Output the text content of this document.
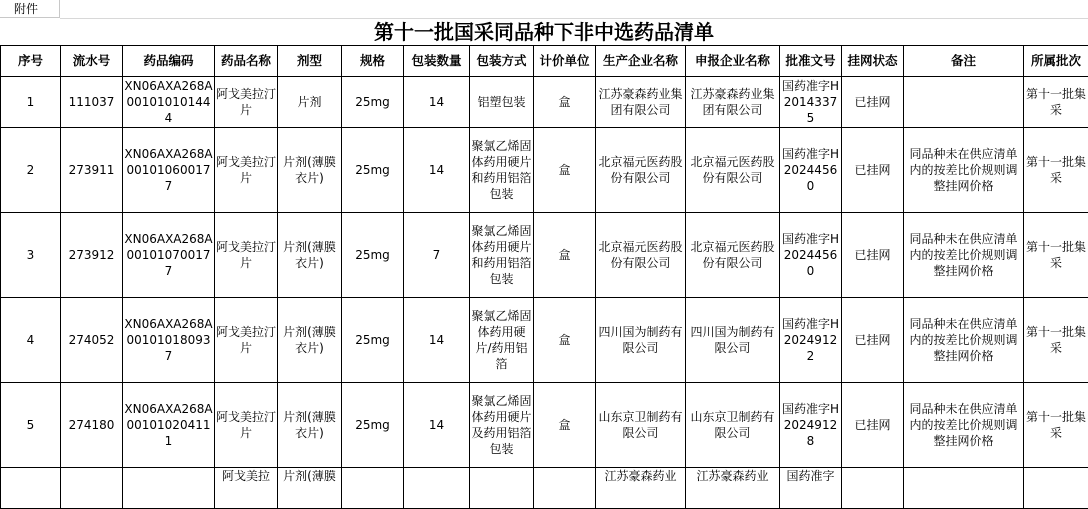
附件
第十一批国采同品种下非中选药品清单
序号	流水号	药品编码	药品名称	剂型	规格	包装数量	包装方式	计价单位	生产企业名称	申报企业名称	批准文号	挂网状态	备注	所属批次
1	111037	XN06AXA268A001010101444	阿戈美拉汀片	片剂	25mg	14	铝塑包装	盒	江苏豪森药业集团有限公司	江苏豪森药业集团有限公司	国药准字H20143375	已挂网		第十一批集采
2	273911	XN06AXA268A001010600177	阿戈美拉汀片	片剂(薄膜衣片)	25mg	14	聚氯乙烯固体药用硬片和药用铝箔包装	盒	北京福元医药股份有限公司	北京福元医药股份有限公司	国药准字H20244560	已挂网	同品种未在供应清单内的按差比价规则调整挂网价格	第十一批集采
3	273912	XN06AXA268A001010700177	阿戈美拉汀片	片剂(薄膜衣片)	25mg	7	聚氯乙烯固体药用硬片和药用铝箔包装	盒	北京福元医药股份有限公司	北京福元医药股份有限公司	国药准字H20244560	已挂网	同品种未在供应清单内的按差比价规则调整挂网价格	第十一批集采
4	274052	XN06AXA268A001010180937	阿戈美拉汀片	片剂(薄膜衣片)	25mg	14	聚氯乙烯固体药用硬片/药用铝箔	盒	四川国为制药有限公司	四川国为制药有限公司	国药准字H20249122	已挂网	同品种未在供应清单内的按差比价规则调整挂网价格	第十一批集采
5	274180	XN06AXA268A001010204111	阿戈美拉汀片	片剂(薄膜衣片)	25mg	14	聚氯乙烯固体药用硬片及药用铝箔包装	盒	山东京卫制药有限公司	山东京卫制药有限公司	国药准字H20249128	已挂网	同品种未在供应清单内的按差比价规则调整挂网价格	第十一批集采
			阿戈美拉	片剂(薄膜					江苏豪森药业	江苏豪森药业	国药准字			
